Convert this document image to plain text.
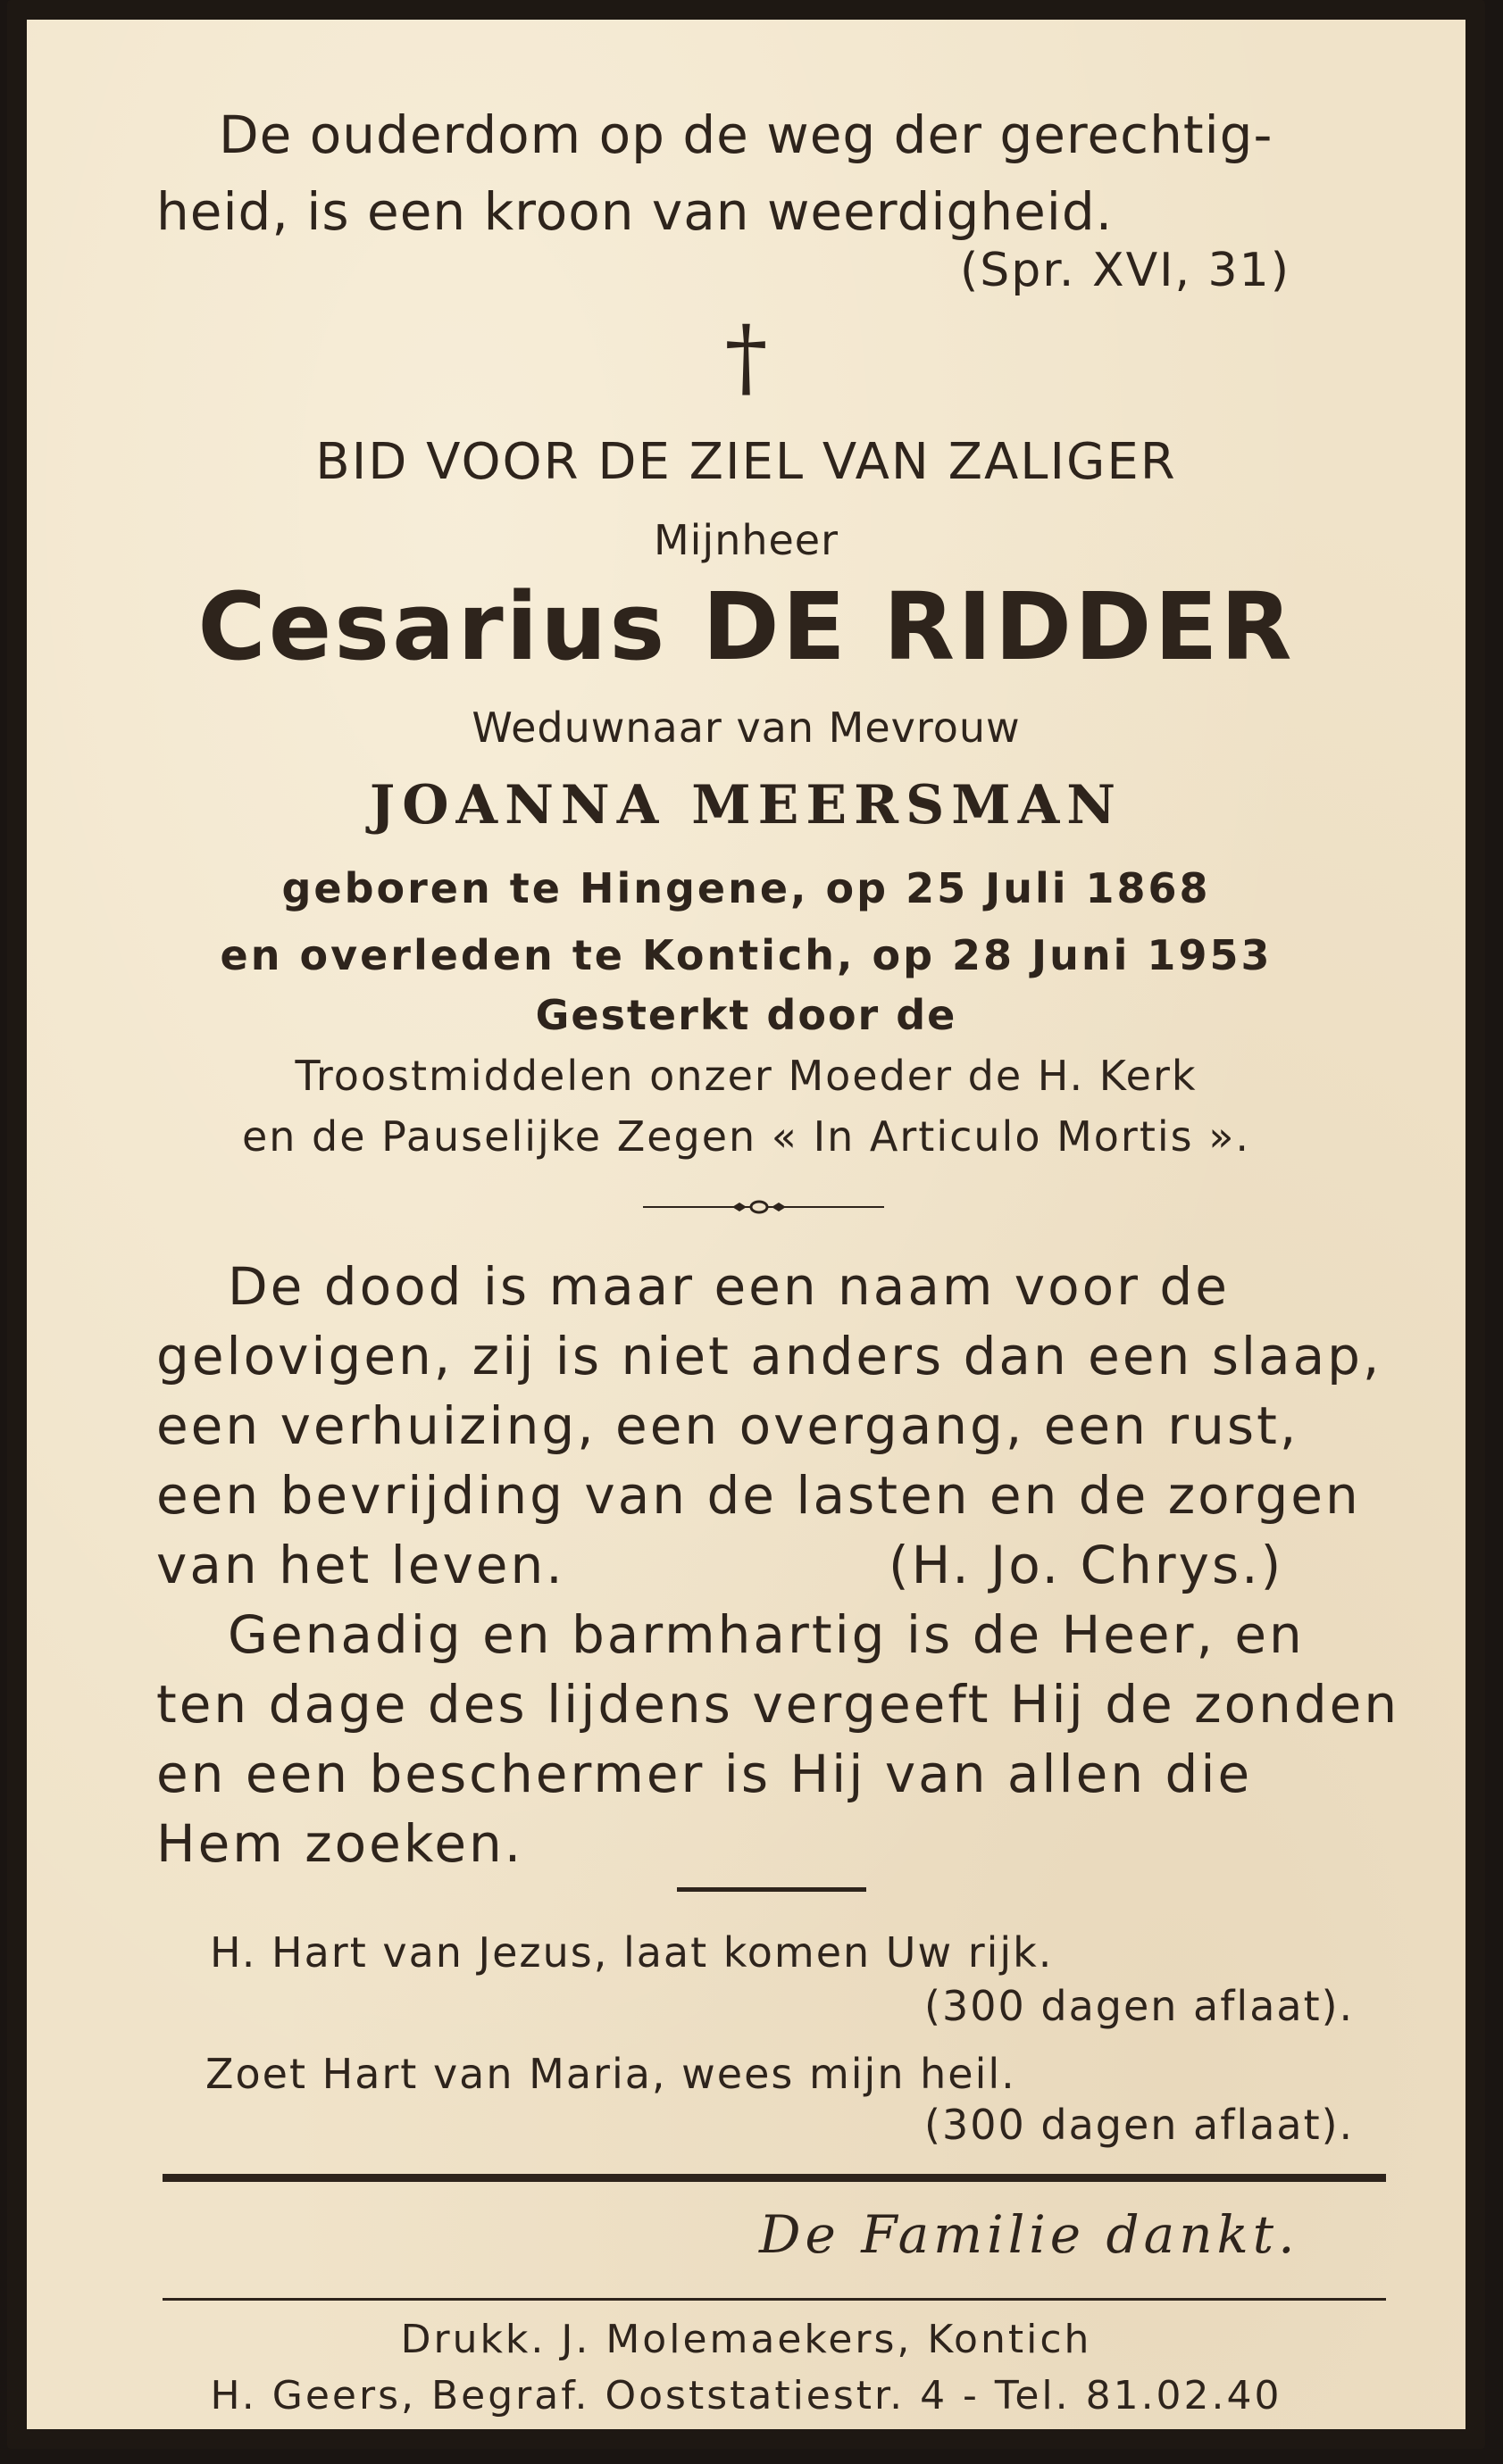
De ouderdom op de weg der gerechtig-
heid, is een kroon van weerdigheid.
(Spr. XVI, 31)
†
BID VOOR DE ZIEL VAN ZALIGER
Mijnheer
Cesarius DE RIDDER
Weduwnaar van Mevrouw
JOANNA MEERSMAN
geboren te Hingene, op 25 Juli 1868
en overleden te Kontich, op 28 Juni 1953
Gesterkt door de
Troostmiddelen onzer Moeder de H. Kerk
en de Pauselijke Zegen « In Articulo Mortis ».
De dood is maar een naam voor de
gelovigen, zij is niet anders dan een slaap,
een verhuizing, een overgang, een rust,
een bevrijding van de lasten en de zorgen
van het leven.	(H. Jo. Chrys.)
Genadig en barmhartig is de Heer, en
ten dage des lijdens vergeeft Hij de zonden
en een beschermer is Hij van allen die
Hem zoeken.
H. Hart van Jezus, laat komen Uw rijk.
(300 dagen aflaat).
Zoet Hart van Maria, wees mijn heil.
(300 dagen aflaat).
De Familie dankt.
Drukk. J. Molemaekers, Kontich
H. Geers, Begraf. Ooststatiestr. 4 - Tel. 81.02.40
